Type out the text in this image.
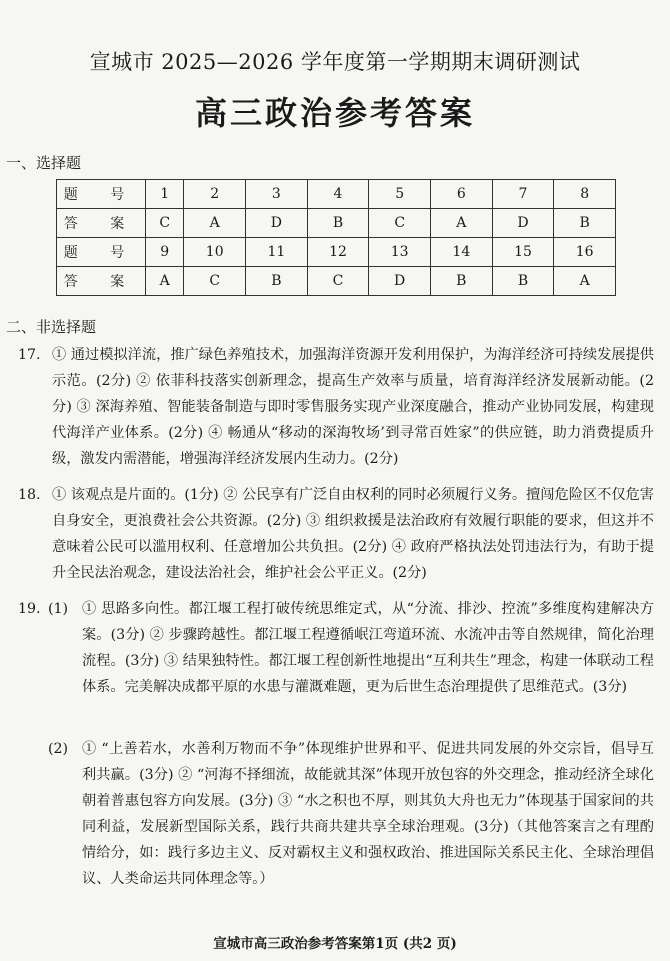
宣城市 2025—2026 学年度第一学期期末调研测试
高三政治参考答案
一、选择题
题 号	1	2	3	4	5	6	7	8
答 案	C	A	D	B	C	A	D	B
题 号	9	10	11	12	13	14	15	16
答 案	A	C	B	C	D	B	B	A
二、非选择题
17. ① 通过模拟洋流，推广绿色养殖技术，加强海洋资源开发利用保护，为海洋经济可持续发展提供示范。(2分) ② 依菲科技落实创新理念，提高生产效率与质量，培育海洋经济发展新动能。(2分) ③ 深海养殖、智能装备制造与即时零售服务实现产业深度融合，推动产业协同发展，构建现代海洋产业体系。(2分) ④ 畅通从“移动的深海牧场’到寻常百姓家”的供应链，助力消费提质升级，激发内需潜能，增强海洋经济发展内生动力。(2分)
18. ① 该观点是片面的。(1分) ② 公民享有广泛自由权利的同时必须履行义务。擅闯危险区不仅危害自身安全，更浪费社会公共资源。(2分) ③ 组织救援是法治政府有效履行职能的要求，但这并不意味着公民可以滥用权利、任意增加公共负担。(2分) ④ 政府严格执法处罚违法行为，有助于提升全民法治观念，建设法治社会，维护社会公平正义。(2分)
19. (1) ① 思路多向性。都江堰工程打破传统思维定式，从“分流、排沙、控流”多维度构建解决方案。(3分) ② 步骤跨越性。都江堰工程遵循岷江弯道环流、水流冲击等自然规律，简化治理流程。(3分) ③ 结果独特性。都江堰工程创新性地提出“互利共生”理念，构建一体联动工程体系。完美解决成都平原的水患与灌溉难题，更为后世生态治理提供了思维范式。(3分)
(2) ① “上善若水，水善利万物而不争”体现维护世界和平、促进共同发展的外交宗旨，倡导互利共赢。(3分) ② “河海不择细流，故能就其深”体现开放包容的外交理念，推动经济全球化朝着普惠包容方向发展。(3分) ③ “水之积也不厚，则其负大舟也无力”体现基于国家间的共同利益，发展新型国际关系，践行共商共建共享全球治理观。(3分)（其他答案言之有理酌情给分，如：践行多边主义、反对霸权主义和强权政治、推进国际关系民主化、全球治理倡议、人类命运共同体理念等。）
宣城市高三政治参考答案第1页 (共2 页)
